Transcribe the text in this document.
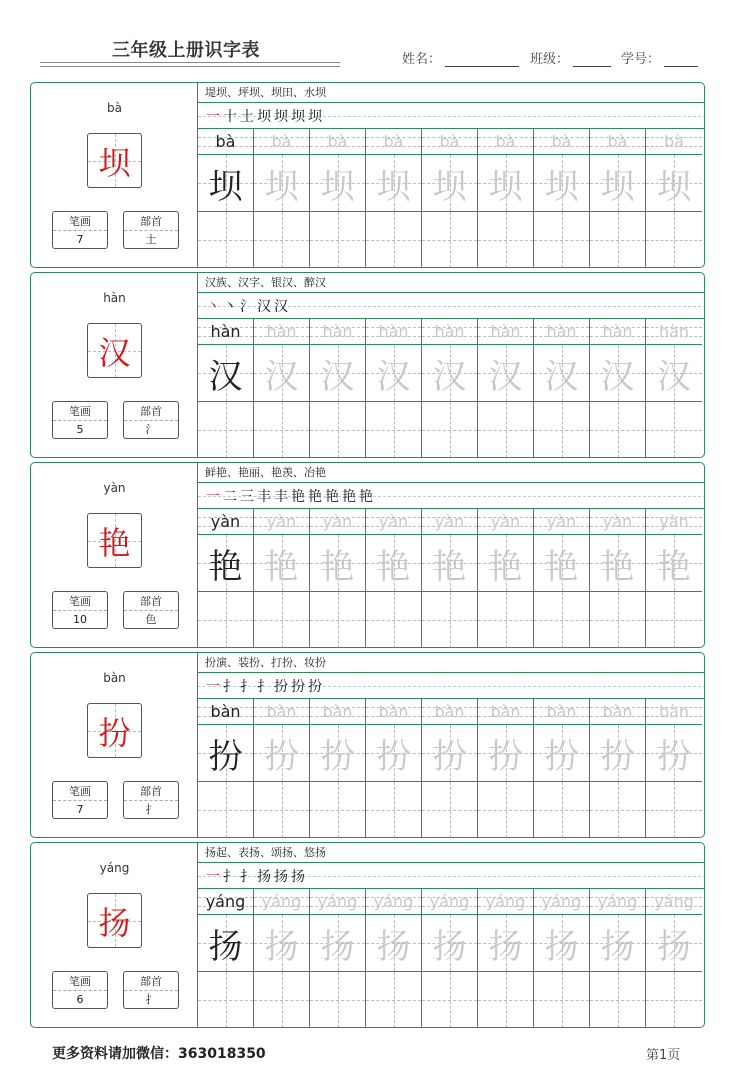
三年级上册识字表	姓名：	班级：	学号：
bà
坝
笔画
7
部首
土
堤坝、坪坝、坝田、水坝
一 十 土 坝 坝 坝 坝
bà
坝
bà
坝
bà
坝
bà
坝
bà
坝
bà
坝
bà
坝
bà
坝
bà
坝
hàn
汉
笔画
5
部首
氵
汉族、汉字、银汉、醉汉
丶 丶 氵 汉 汉
hàn
汉
hàn
汉
hàn
汉
hàn
汉
hàn
汉
hàn
汉
hàn
汉
hàn
汉
hàn
汉
yàn
艳
笔画
10
部首
色
鲜艳、艳丽、艳羡、冶艳
一 二 三 丰 丰 艳 艳 艳 艳 艳
yàn
艳
yàn
艳
yàn
艳
yàn
艳
yàn
艳
yàn
艳
yàn
艳
yàn
艳
yàn
艳
bàn
扮
笔画
7
部首
扌
扮演、装扮、打扮、妆扮
一 扌 扌 扌 扮 扮 扮
bàn
扮
bàn
扮
bàn
扮
bàn
扮
bàn
扮
bàn
扮
bàn
扮
bàn
扮
bàn
扮
yáng
扬
笔画
6
部首
扌
扬起、表扬、颂扬、悠扬
一 扌 扌 扬 扬 扬
yáng
扬
yáng
扬
yáng
扬
yáng
扬
yáng
扬
yáng
扬
yáng
扬
yáng
扬
yáng
扬
更多资料请加微信：363018350	第1页
